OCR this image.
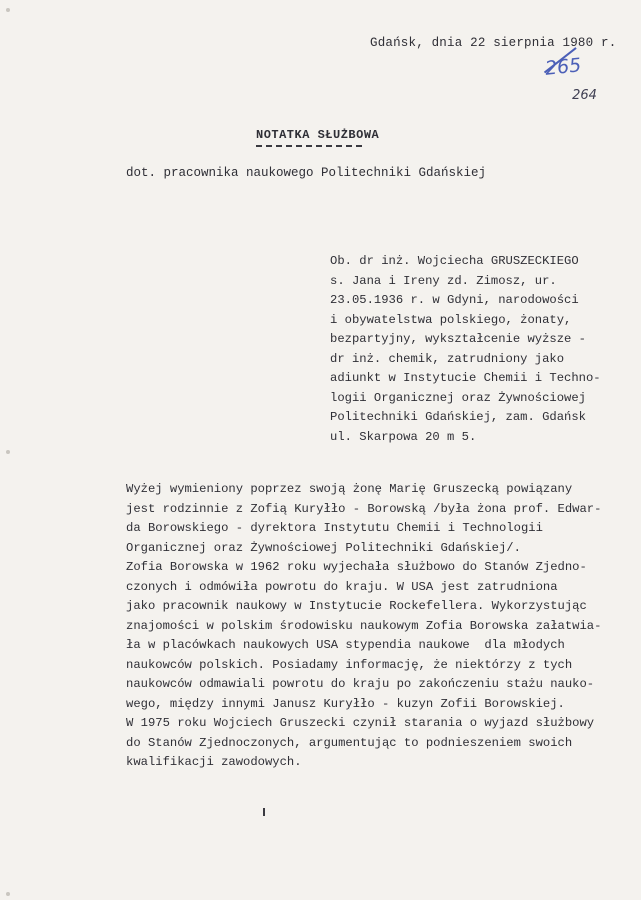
Gdańsk, dnia 22 sierpnia 1980 r.
265
264
NOTATKA SŁUŻBOWA
dot. pracownika naukowego Politechniki Gdańskiej
Ob. dr inż. Wojciecha GRUSZECKIEGO
s. Jana i Ireny zd. Zimosz, ur.
23.05.1936 r. w Gdyni, narodowości
i obywatelstwa polskiego, żonaty,
bezpartyjny, wykształcenie wyższe -
dr inż. chemik, zatrudniony jako
adiunkt w Instytucie Chemii i Techno-
logii Organicznej oraz Żywnościowej
Politechniki Gdańskiej, zam. Gdańsk
ul. Skarpowa 20 m 5.
Wyżej wymieniony poprzez swoją żonę Marię Gruszecką powiązany
jest rodzinnie z Zofią Kuryłło - Borowską /była żona prof. Edwar-
da Borowskiego - dyrektora Instytutu Chemii i Technologii
Organicznej oraz Żywnościowej Politechniki Gdańskiej/.
Zofia Borowska w 1962 roku wyjechała służbowo do Stanów Zjedno-
czonych i odmówiła powrotu do kraju. W USA jest zatrudniona
jako pracownik naukowy w Instytucie Rockefellera. Wykorzystując
znajomości w polskim środowisku naukowym Zofia Borowska załatwia-
ła w placówkach naukowych USA stypendia naukowe  dla młodych
naukowców polskich. Posiadamy informację, że niektórzy z tych
naukowców odmawiali powrotu do kraju po zakończeniu stażu nauko-
wego, między innymi Janusz Kuryłło - kuzyn Zofii Borowskiej.
W 1975 roku Wojciech Gruszecki czynił starania o wyjazd służbowy
do Stanów Zjednoczonych, argumentując to podnieszeniem swoich
kwalifikacji zawodowych.
